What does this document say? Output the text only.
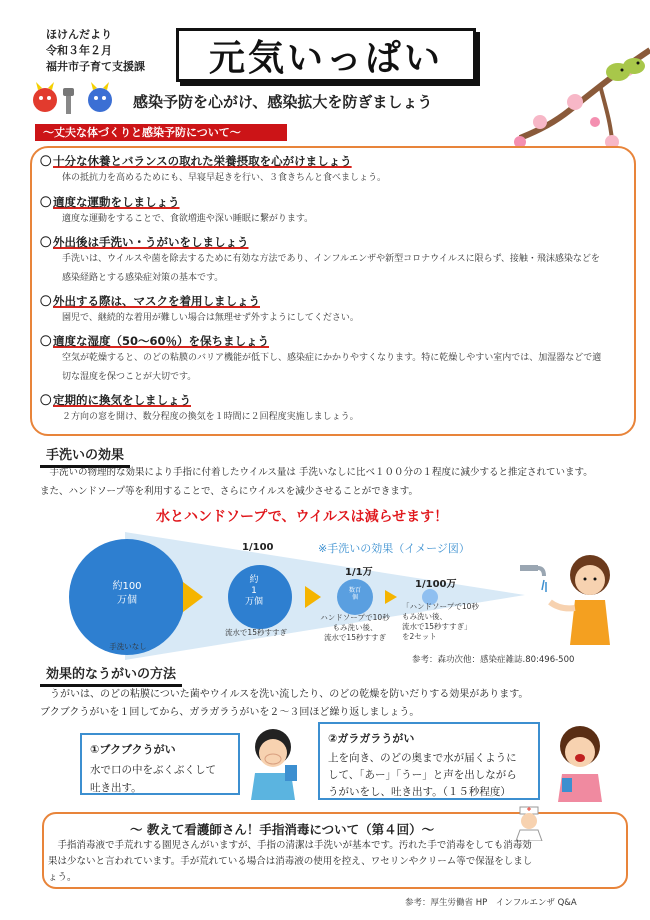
ほけんだより
令和３年２月
福井市子育て支援課 元気いっぱい
感染予防を心がけ、感染拡大を防ぎましょう
～丈夫な体づくりと感染予防について～
〇 十分な休養とバランスの取れた栄養摂取を心がけましょう
体の抵抗力を高めるためにも、早寝早起きを行い、３食きちんと食べましょう。
〇 適度な運動をしましょう
適度な運動をすることで、食欲増進や深い睡眠に繋がります。
〇 外出後は手洗い・うがいをしましょう
手洗いは、ウイルスや菌を除去するために有効な方法であり、インフルエンザや新型コロナウイルスに限らず、接触・飛沫感染などを
感染経路とする感染症対策の基本です。
〇 外出する際は、マスクを着用しましょう
園児で、継続的な着用が難しい場合は無理せず外すようにしてください。
〇 適度な湿度（50～60％）を保ちましょう
空気が乾燥すると、のどの粘膜のバリア機能が低下し、感染症にかかりやすくなります。特に乾燥しやすい室内では、加湿器などで適
切な湿度を保つことが大切です。
〇 定期的に換気をしましょう
２方向の窓を開け、数分程度の換気を１時間に２回程度実施しましょう。
手洗いの効果
　手洗いの物理的な効果により手指に付着したウイルス量は 手洗いなしに比べ１００分の１程度に減少すると推定されています。
また、ハンドソープ等を利用することで、さらにウイルスを減少させることができます。
水とハンドソープで、ウイルスは減らせます！
※手洗いの効果（イメージ図）
約100
万個
約
1
万個
数百
個
1/100
1/1万
1/100万
手洗いなし
流水で15秒すすぎ
ハンドソープで10秒
もみ洗い後、
流水で15秒すすぎ
「ハンドソープで10秒
もみ洗い後、
流水で15秒すすぎ」
を2セット
参考：森功次他：感染症雑誌.80:496-500
効果的なうがいの方法
　うがいは、のどの粘膜についた菌やウイルスを洗い流したり、のどの乾燥を防いだりする効果があります。
ブクブクうがいを１回してから、ガラガラうがいを２～３回ほど繰り返しましょう。
①ブクブクうがい
水で口の中をぶくぶくして
吐き出す。
②ガラガラうがい
上を向き、のどの奥まで水が届くように
して、「あー」「うー」と声を出しながら
うがいをし、吐き出す。（１５秒程度）
～ 教えて看護師さん！手指消毒について（第４回）～
　手指消毒液で手荒れする園児さんがいますが、手指の清潔は手洗いが基本です。汚れた手で消毒をしても消毒効
果は少ないと言われています。手が荒れている場合は消毒液の使用を控え、ワセリンやクリーム等で保湿をしまし
ょう。
参考：厚生労働省 HP　インフルエンザ Q&A
